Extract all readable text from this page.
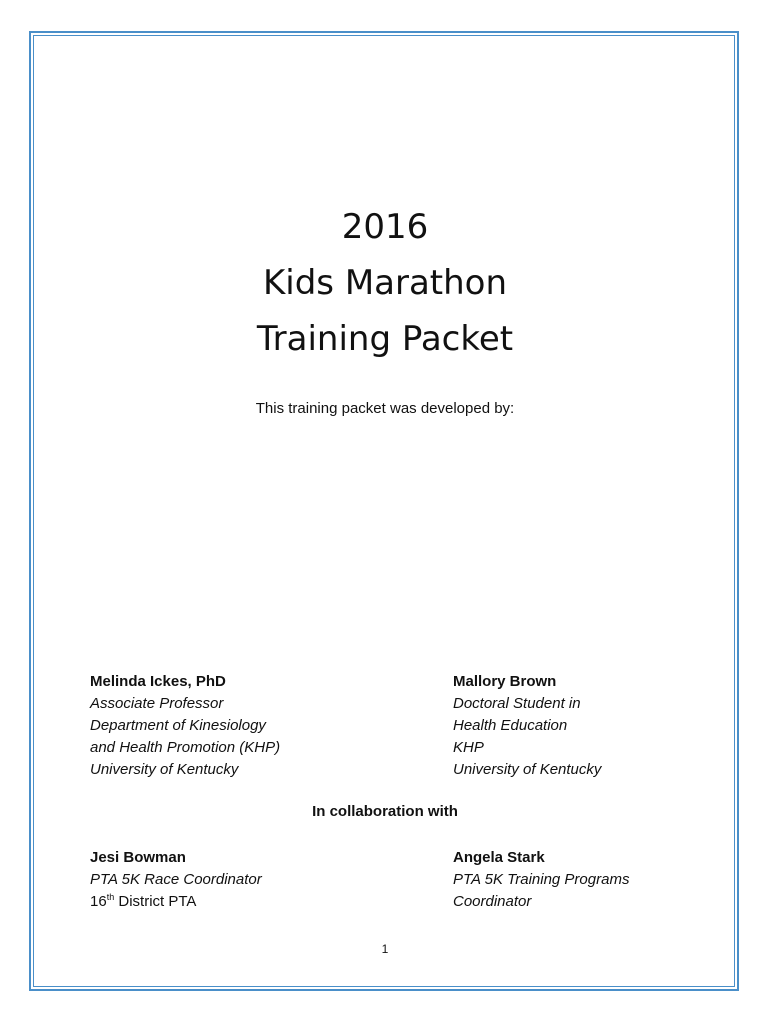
2016
Kids Marathon
Training Packet
This training packet was developed by:
Melinda Ickes, PhD
Associate Professor
Department of Kinesiology
and Health Promotion (KHP)
University of Kentucky
Mallory Brown
Doctoral Student in
Health Education
KHP
University of Kentucky
In collaboration with
Jesi Bowman
PTA 5K Race Coordinator
16th District PTA
Angela Stark
PTA 5K Training Programs
Coordinator
1
